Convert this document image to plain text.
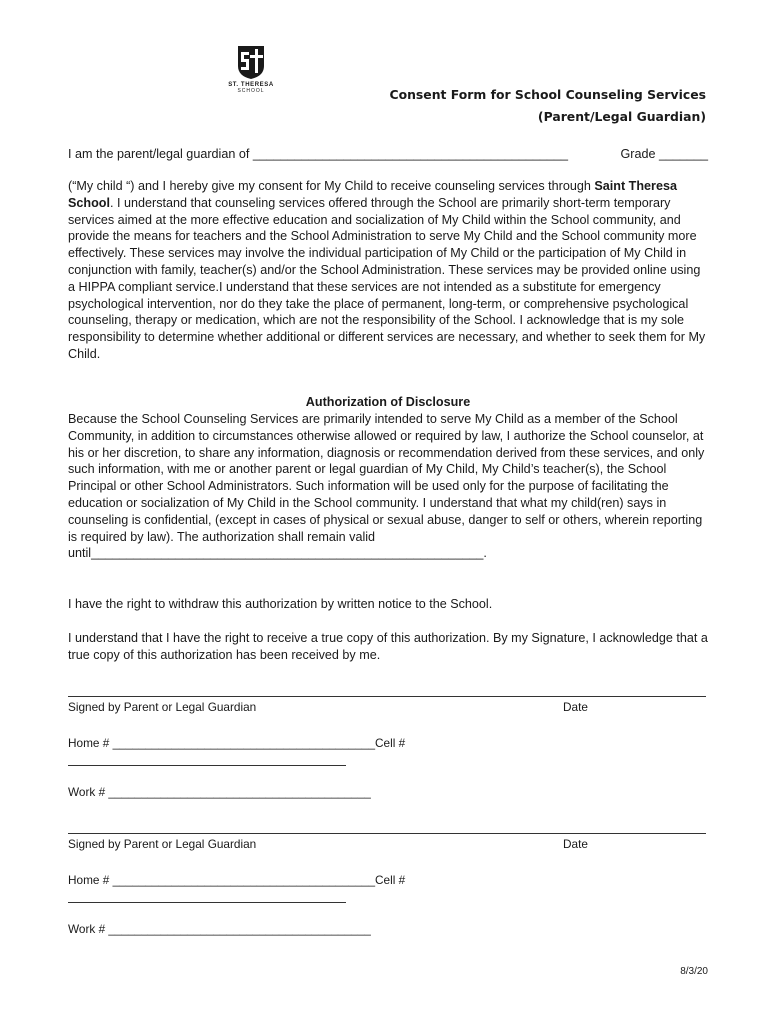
ST. THERESA
SCHOOL	Consent Form for School Counseling Services
(Parent/Legal Guardian)
I am the parent/legal guardian of _____________________________________________	Grade _______

(“My child “) and I hereby give my consent for My Child to receive counseling services through Saint Theresa School. I understand that counseling services offered through the School are primarily short-term temporary services aimed at the more effective education and socialization of My Child within the School community, and provide the means for teachers and the School Administration to serve My Child and the School community more effectively. These services may involve the individual participation of My Child or the participation of My Child in conjunction with family, teacher(s) and/or the School Administration. These services may be provided online using a HIPPA compliant service.I understand that these services are not intended as a substitute for emergency psychological intervention, nor do they take the place of permanent, long-term, or comprehensive psychological counseling, therapy or medication, which are not the responsibility of the School. I acknowledge that is my sole responsibility to determine whether additional or different services are necessary, and whether to seek them for My Child.

Authorization of Disclosure
Because the School Counseling Services are primarily intended to serve My Child as a member of the School Community, in addition to circumstances otherwise allowed or required by law, I authorize the School counselor, at his or her discretion, to share any information, diagnosis or recommendation derived from these services, and only such information, with me or another parent or legal guardian of My Child, My Child’s teacher(s), the School Principal or other School Administrators. Such information will be used only for the purpose of facilitating the education or socialization of My Child in the School community. I understand that what my child(ren) says in counseling is confidential, (except in cases of physical or sexual abuse, danger to self or others, wherein reporting is required by law). The authorization shall remain valid
until________________________________________________________.

I have the right to withdraw this authorization by written notice to the School.

I understand that I have the right to receive a true copy of this authorization. By my Signature, I acknowledge that a true copy of this authorization has been received by me.

Signed by Parent or Legal Guardian	Date
Home # ________________________________________Cell #
Work # ________________________________________
Signed by Parent or Legal Guardian	Date
Home # ________________________________________Cell #
Work # ________________________________________
8/3/20
